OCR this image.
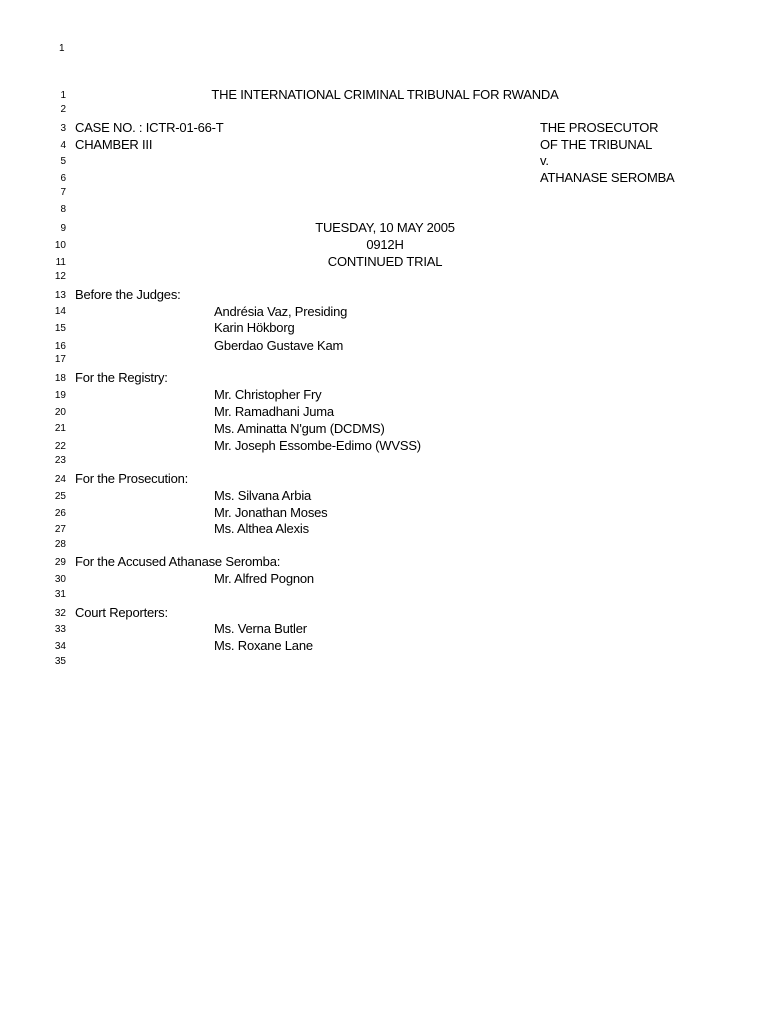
1
1
2
3
4
5
6
7
8
9
10
11
12
13
14
15
16
17
18
19
20
21
22
23
24
25
26
27
28
29
30
31
32
33
34
35
THE INTERNATIONAL CRIMINAL TRIBUNAL FOR RWANDA
CASE NO. : ICTR-01-66-T
CHAMBER III
THE PROSECUTOR
OF THE TRIBUNAL
v.
ATHANASE SEROMBA
TUESDAY, 10 MAY 2005
0912H
CONTINUED TRIAL
Before the Judges:
Andrésia Vaz, Presiding
Karin Hökborg
Gberdao Gustave Kam
For the Registry:
Mr. Christopher Fry
Mr. Ramadhani Juma
Ms. Aminatta N'gum (DCDMS)
Mr. Joseph Essombe-Edimo (WVSS)
For the Prosecution:
Ms. Silvana Arbia
Mr. Jonathan Moses
Ms. Althea Alexis
For the Accused Athanase Seromba:
Mr. Alfred Pognon
Court Reporters:
Ms. Verna Butler
Ms. Roxane Lane
